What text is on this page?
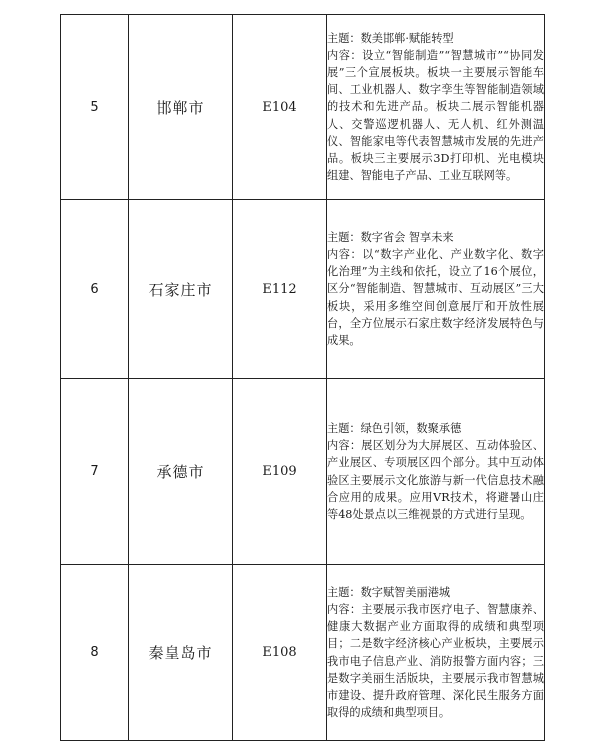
5	邯郸市	E104	主题：数美邯郸·赋能转型

内容：设立“智能制造”“智慧城市”“协同发展”三个宣展板块。板块一主要展示智能车间、工业机器人、数字孪生等智能制造领域的技术和先进产品。板块二展示智能机器人、交警巡逻机器人、无人机、红外测温仪、智能家电等代表智慧城市发展的先进产品。板块三主要展示3D打印机、光电模块组建、智能电子产品、工业互联网等。

6	石家庄市	E112	主题：数字省会 智享未来

内容：以“数字产业化、产业数字化、数字化治理”为主线和依托，设立了16个展位，区分“智能制造、智慧城市、互动展区”三大板块，采用多维空间创意展厅和开放性展台，全方位展示石家庄数字经济发展特色与成果。

7	承德市	E109	主题：绿色引领，数聚承德

内容：展区划分为大屏展区、互动体验区、产业展区、专项展区四个部分。其中互动体验区主要展示文化旅游与新一代信息技术融合应用的成果。应用VR技术，将避暑山庄等48处景点以三维视景的方式进行呈现。

8	秦皇岛市	E108	主题：数字赋智美丽港城

内容：主要展示我市医疗电子、智慧康养、健康大数据产业方面取得的成绩和典型项目；二是数字经济核心产业板块，主要展示我市电子信息产业、消防报警方面内容；三是数字美丽生活版块，主要展示我市智慧城市建设、提升政府管理、深化民生服务方面取得的成绩和典型项目。
